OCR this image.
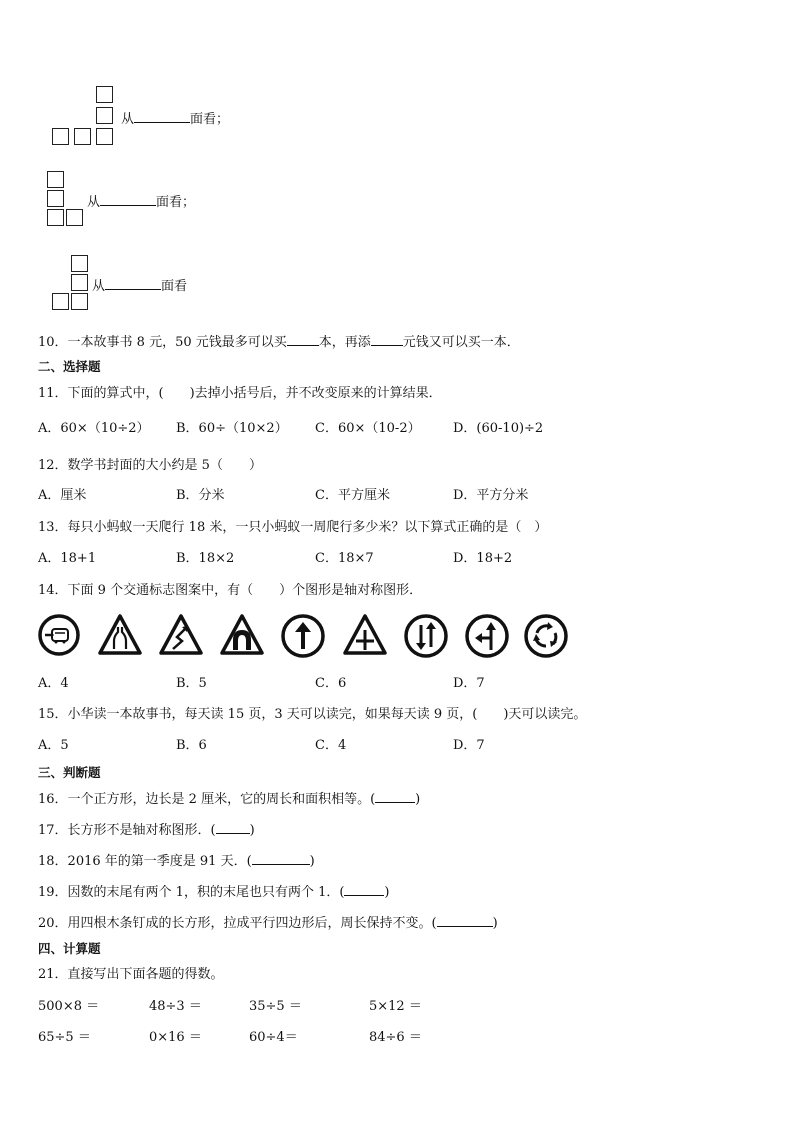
从	面看；
从	面看；
从	面看
10．一本故事书 8 元，50 元钱最多可以买 本，再添 元钱又可以买一本．
二、选择题
11．下面的算式中，(　　)去掉小括号后，并不改变原来的计算结果．
A．60×（10÷2） B．60÷（10×2） C．60×（10-2） D．(60-10)÷2
12．数学书封面的大小约是 5（　　）
A．厘米	B．分米	C．平方厘米	D．平方分米
13．每只小蚂蚁一天爬行 18 米，一只小蚂蚁一周爬行多少米？以下算式正确的是（　）
A．18+1	B．18×2	C．18×7	D．18+2
14．下面 9 个交通标志图案中，有（　　）个图形是轴对称图形．
A．4	B．5	C．6	D．7
15．小华读一本故事书，每天读 15 页，3 天可以读完，如果每天读 9 页，(　　)天可以读完。
A．5	B．6	C．4	D．7
三、判断题
16．一个正方形，边长是 2 厘米，它的周长和面积相等。(	)
17．长方形不是轴对称图形．(	)
18．2016 年的第一季度是 91 天．(	)
19．因数的末尾有两个 1，积的末尾也只有两个 1．(	)
20．用四根木条钉成的长方形，拉成平行四边形后，周长保持不变。(	)
四、计算题
21．直接写出下面各题的得数。
500×8 ＝	48÷3 ＝	35÷5 ＝	5×12 ＝
65÷5 ＝	0×16 ＝	60÷4＝	84÷6 ＝
